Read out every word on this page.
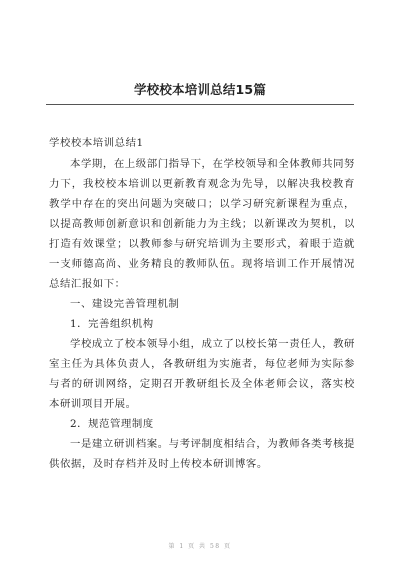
学校校本培训总结15篇

学校校本培训总结1

本学期，在上级部门指导下，在学校领导和全体教师共同努力下，我校校本培训以更新教育观念为先导，以解决我校教育教学中存在的突出问题为突破口；以学习研究新课程为重点，以提高教师创新意识和创新能力为主线；以新课改为契机，以打造有效课堂；以教师参与研究培训为主要形式，着眼于造就一支师德高尚、业务精良的教师队伍。现将培训工作开展情况总结汇报如下：

一、建设完善管理机制

1．完善组织机构

学校成立了校本领导小组，成立了以校长第一责任人，教研室主任为具体负责人，各教研组为实施者，每位老师为实际参与者的研训网络，定期召开教研组长及全体老师会议，落实校本研训项目开展。

2．规范管理制度

一是建立研训档案。与考评制度相结合，为教师各类考核提供依据，及时存档并及时上传校本研训博客。

第 1 页 共 58 页
